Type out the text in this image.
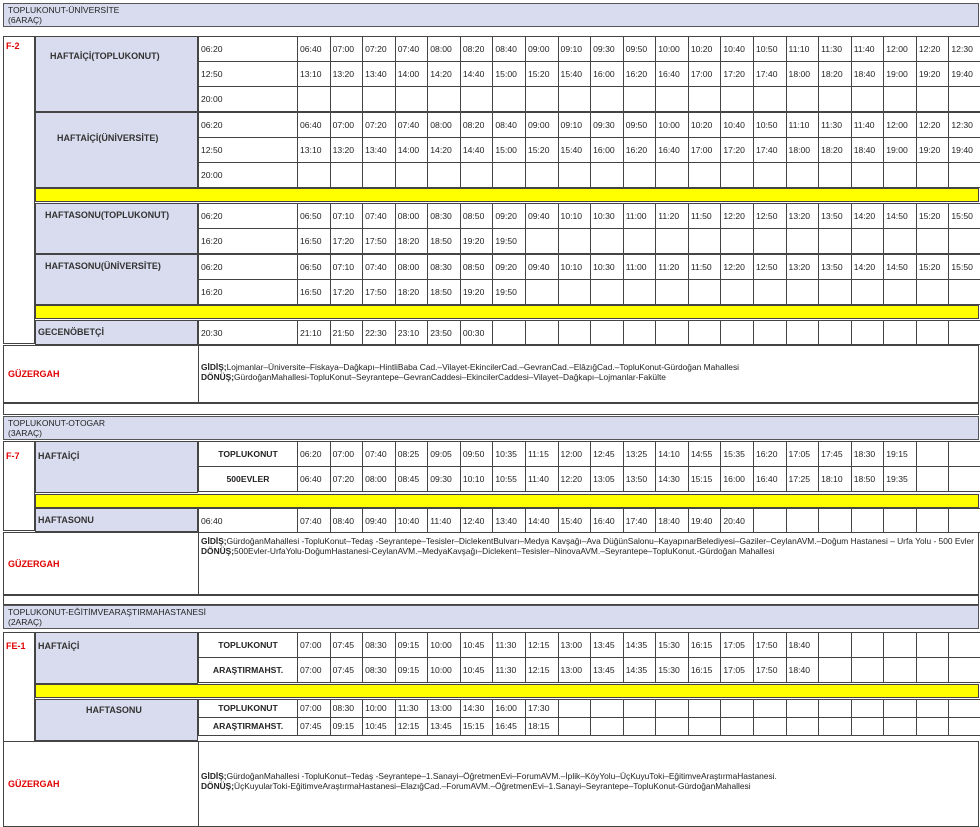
TOPLUKONUT-ÜNİVERSİTE
(6ARAÇ)
F-2
HAFTAİÇİ(TOPLUKONUT)
06:20	06:40	07:00	07:20	07:40	08:00	08:20	08:40	09:00	09:10	09:30	09:50	10:00	10:20	10:40	10:50	11:10	11:30	11:40	12:00	12:20	12:30
12:50	13:10	13:20	13:40	14:00	14:20	14:40	15:00	15:20	15:40	16:00	16:20	16:40	17:00	17:20	17:40	18:00	18:20	18:40	19:00	19:20	19:40
20:00
HAFTAİÇİ(ÜNİVERSİTE)
06:20	06:40	07:00	07:20	07:40	08:00	08:20	08:40	09:00	09:10	09:30	09:50	10:00	10:20	10:40	10:50	11:10	11:30	11:40	12:00	12:20	12:30
12:50	13:10	13:20	13:40	14:00	14:20	14:40	15:00	15:20	15:40	16:00	16:20	16:40	17:00	17:20	17:40	18:00	18:20	18:40	19:00	19:20	19:40
20:00
HAFTASONU(TOPLUKONUT)	06:20	06:50	07:10	07:40	08:00	08:30	08:50	09:20	09:40	10:10	10:30	11:00	11:20	11:50	12:20	12:50	13:20	13:50	14:20	14:50	15:20	15:50
16:20	16:50	17:20	17:50	18:20	18:50	19:20	19:50
HAFTASONU(ÜNİVERSİTE)	06:20	06:50	07:10	07:40	08:00	08:30	08:50	09:20	09:40	10:10	10:30	11:00	11:20	11:50	12:20	12:50	13:20	13:50	14:20	14:50	15:20	15:50
16:20	16:50	17:20	17:50	18:20	18:50	19:20	19:50
GECENÖBETÇİ	20:30	21:10	21:50	22:30	23:10	23:50	00:30
GÜZERGAH
GİDİŞ;Lojmanlar–Üniversite–Fiskaya–Dağkapı–HintliBaba Cad.–Vilayet-EkincilerCad.–GevranCad.–ElâzığCad.–TopluKonut-Gürdoğan Mahallesi
DÖNÜŞ;GürdoğanMahallesi-TopluKonut–Seyrantepe–GevranCaddesi–EkincilerCaddesi–Vilayet–Dağkapı–Lojmanlar-Fakülte
TOPLUKONUT-OTOGAR
(3ARAÇ)
F-7 HAFTAİÇİ	TOPLUKONUT	06:20	07:00	07:40	08:25	09:05	09:50	10:35	11:15	12:00	12:45	13:25	14:10	14:55	15:35	16:20	17:05	17:45	18:30	19:15
500EVLER	06:40	07:20	08:00	08:45	09:30	10:10	10:55	11:40	12:20	13:05	13:50	14:30	15:15	16:00	16:40	17:25	18:10	18:50	19:35
HAFTASONU	06:40	07:40	08:40	09:40	10:40	11:40	12:40	13:40	14:40	15:40	16:40	17:40	18:40	19:40	20:40
GÜZERGAH
GİDİŞ;GürdoğanMahallesi -TopluKonut–Tedaş -Seyrantepe–Tesisler–DiclekentBulvarı–Medya Kavşağı–Ava DüğünSalonu–KayapınarBelediyesi–Gaziler–CeylanAVM.–Doğum Hastanesi – Urfa Yolu - 500 Evler
DÖNÜŞ;500Evler-UrfaYolu-DoğumHastanesi-CeylanAVM.–MedyaKavşağı–Diclekent–Tesisler–NinovaAVM.–Seyrantepe–TopluKonut.-Gürdoğan Mahallesi
TOPLUKONUT-EĞİTİMVEARAŞTIRMAHASTANESİ
(2ARAÇ)
FE-1 HAFTAİÇİ	TOPLUKONUT	07:00	07:45	08:30	09:15	10:00	10:45	11:30	12:15	13:00	13:45	14:35	15:30	16:15	17:05	17:50	18:40
ARAŞTIRMAHST.	07:00	07:45	08:30	09:15	10:00	10:45	11:30	12:15	13:00	13:45	14:35	15:30	16:15	17:05	17:50	18:40
HAFTASONU	TOPLUKONUT	07:00	08:30	10:00	11:30	13:00	14:30	16:00	17:30
ARAŞTIRMAHST.	07:45	09:15	10:45	12:15	13:45	15:15	16:45	18:15
GÜZERGAH
GİDİŞ;GürdoğanMahallesi -TopluKonut–Tedaş -Seyrantepe–1.Sanayi–ÖğretmenEvi–ForumAVM.–İplik–KöyYolu–ÜçKuyuToki–EğitimveAraştırmaHastanesi.
DÖNÜŞ;ÜçKuyularToki-EğitimveAraştırmaHastanesi–ElazığCad.–ForumAVM.–ÖğretmenEvi–1.Sanayi–Seyrantepe–TopluKonut-GürdoğanMahallesi
